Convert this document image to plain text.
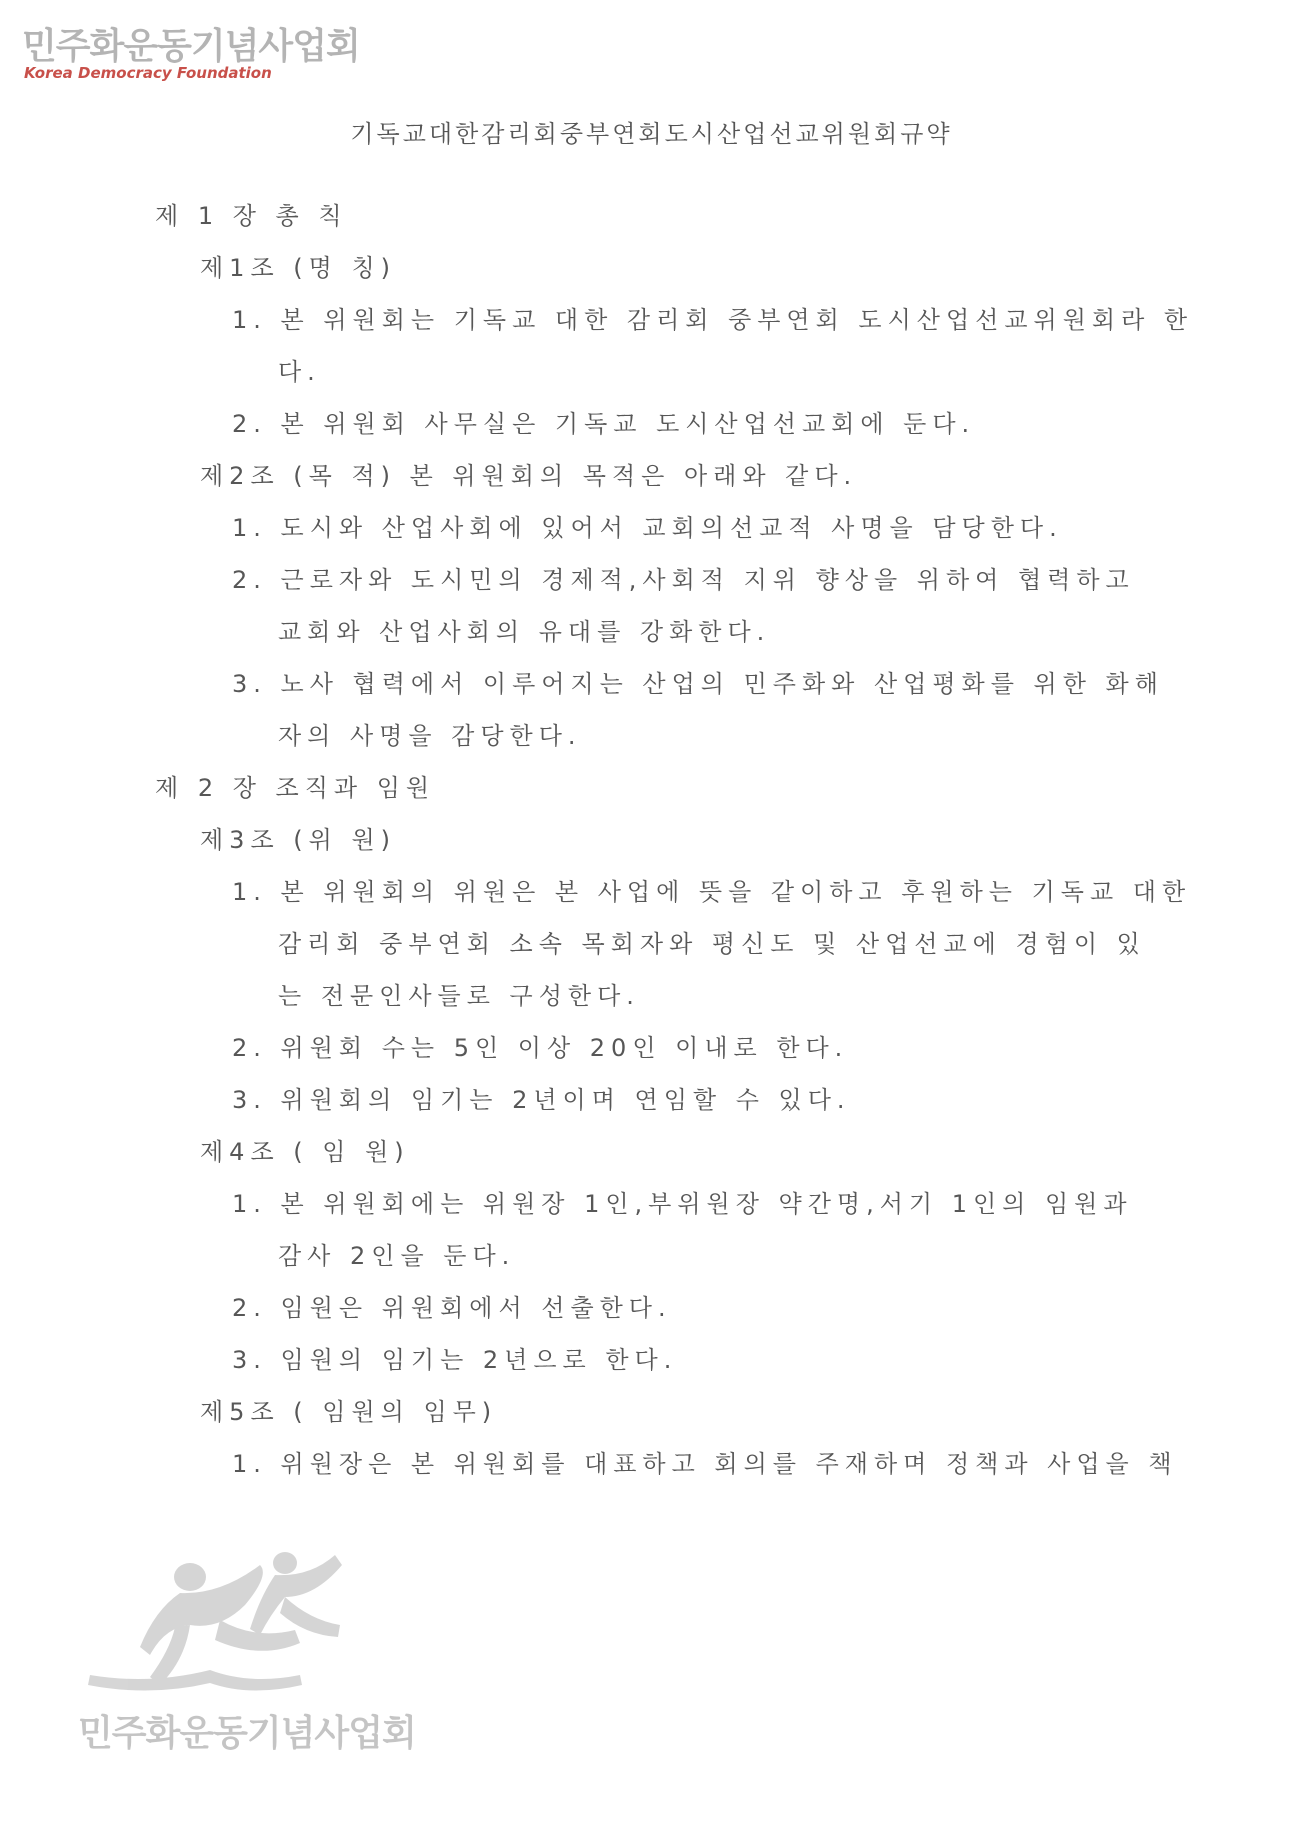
민주화운동기념사업회
Korea Democracy Foundation
기독교대한감리회중부연회도시산업선교위원회규약
제 1 장 총 칙
제1조 (명 칭)
1. 본 위원회는 기독교 대한 감리회 중부연회 도시산업선교위원회라 한
다.
2. 본 위원회 사무실은 기독교 도시산업선교회에 둔다.
제2조 (목 적) 본 위원회의 목적은 아래와 같다.
1. 도시와 산업사회에 있어서 교회의선교적 사명을 담당한다.
2. 근로자와 도시민의 경제적,사회적 지위 향상을 위하여 협력하고
교회와 산업사회의 유대를 강화한다.
3. 노사 협력에서 이루어지는 산업의 민주화와 산업평화를 위한 화해
자의 사명을 감당한다.
제 2 장 조직과 임원
제3조 (위 원)
1. 본 위원회의 위원은 본 사업에 뜻을 같이하고 후원하는 기독교 대한
감리회 중부연회 소속 목회자와 평신도 및 산업선교에 경험이 있
는 전문인사들로 구성한다.
2. 위원회 수는 5인 이상 20인 이내로 한다.
3. 위원회의 임기는 2년이며 연임할 수 있다.
제4조 ( 임 원)
1. 본 위원회에는 위원장 1인,부위원장 약간명,서기 1인의 임원과
감사 2인을 둔다.
2. 임원은 위원회에서 선출한다.
3. 임원의 임기는 2년으로 한다.
제5조 ( 임원의 임무)
1. 위원장은 본 위원회를 대표하고 회의를 주재하며 정책과 사업을 책
민주화운동기념사업회
